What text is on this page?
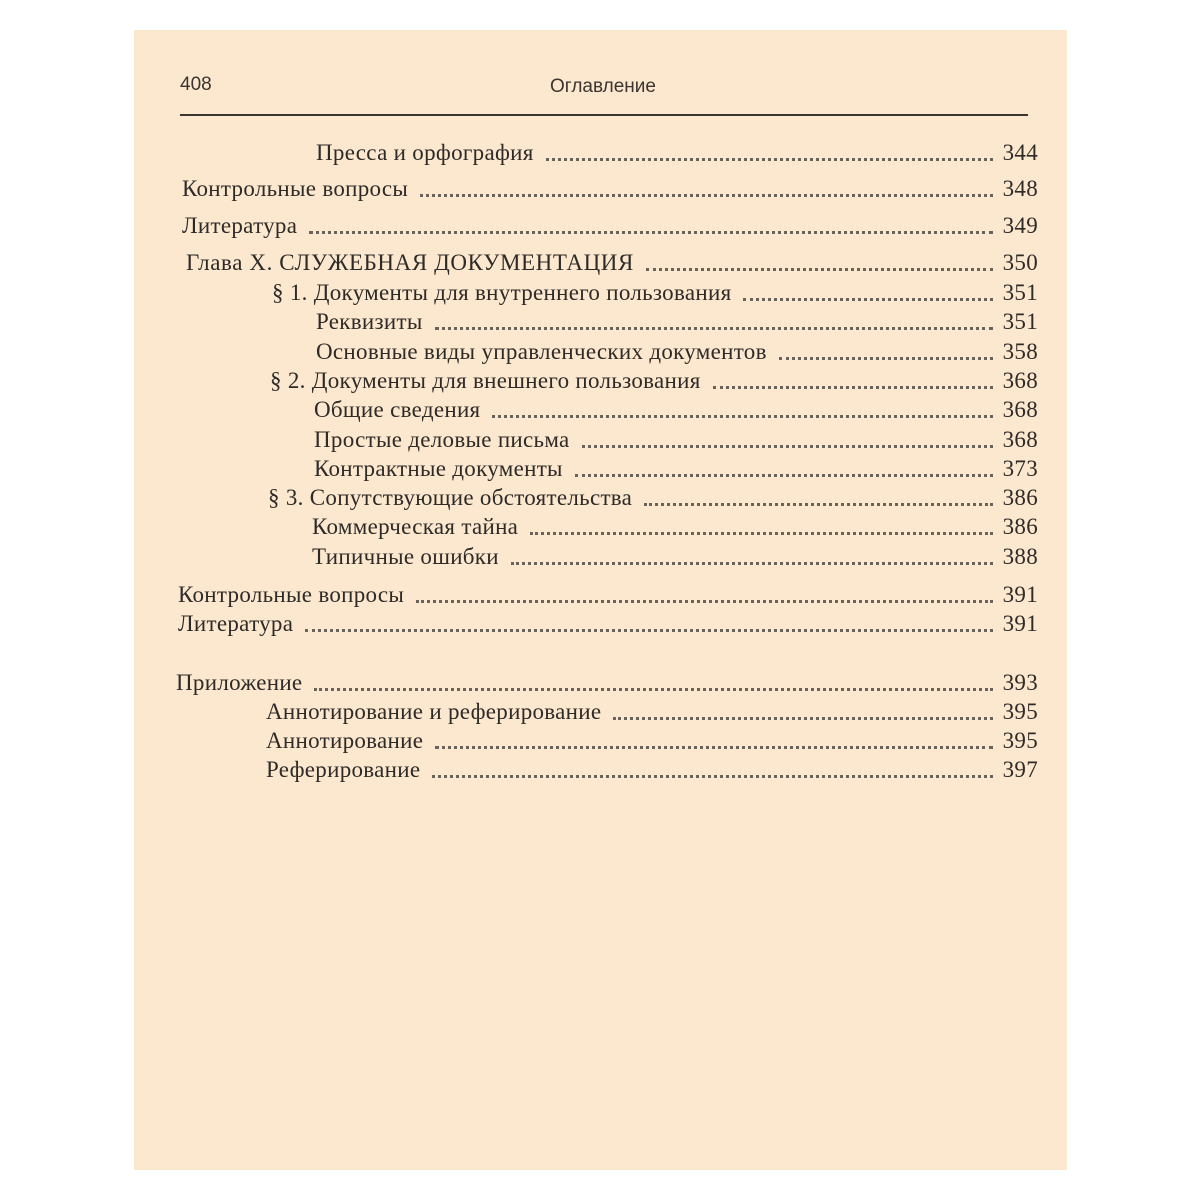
408	Оглавление
Пресса и орфография	344
Контрольные вопросы	348
Литература	349
Глава X. СЛУЖЕБНАЯ ДОКУМЕНТАЦИЯ	350
§ 1. Документы для внутреннего пользования	351
Реквизиты	351
Основные виды управленческих документов	358
§ 2. Документы для внешнего пользования	368
Общие сведения	368
Простые деловые письма	368
Контрактные документы	373
§ 3. Сопутствующие обстоятельства	386
Коммерческая тайна	386
Типичные ошибки	388
Контрольные вопросы	391
Литература	391
Приложение	393
Аннотирование и реферирование	395
Аннотирование	395
Реферирование	397
